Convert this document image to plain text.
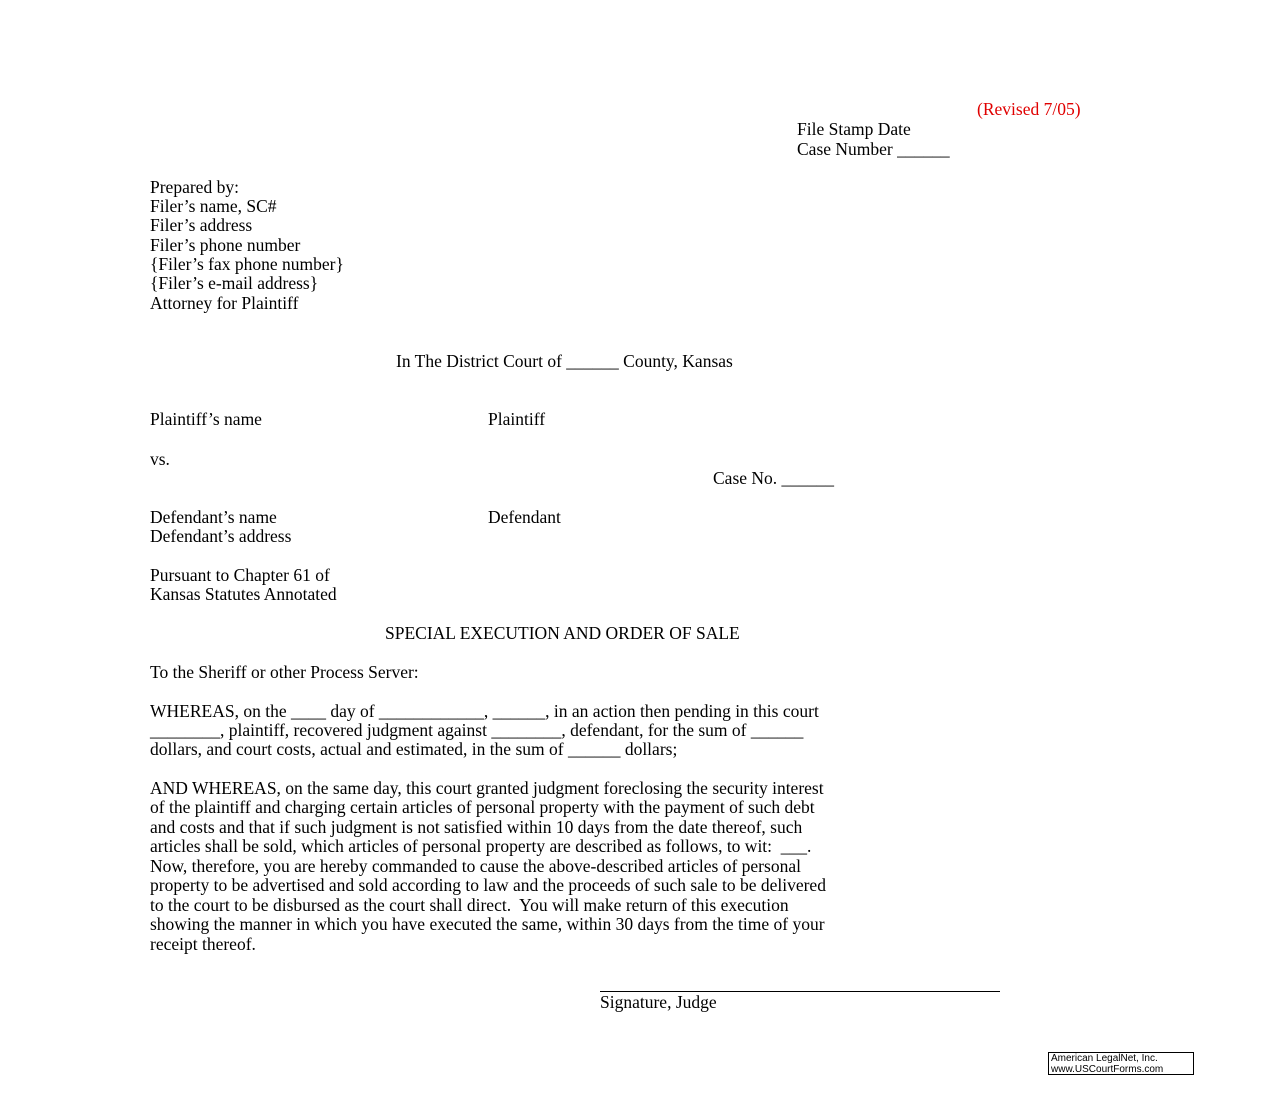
(Revised 7/05)
File Stamp Date
Case Number ______
Prepared by:
Filer’s name, SC#
Filer’s address
Filer’s phone number
{Filer’s fax phone number}
{Filer’s e-mail address}
Attorney for Plaintiff
In The District Court of ______ County, Kansas
Plaintiff’s name	Plaintiff
vs.
Case No. ______
Defendant’s name	Defendant
Defendant’s address
Pursuant to Chapter 61 of
Kansas Statutes Annotated
SPECIAL EXECUTION AND ORDER OF SALE
To the Sheriff or other Process Server:
WHEREAS, on the ____ day of ____________, ______, in an action then pending in this court
________, plaintiff, recovered judgment against ________, defendant, for the sum of ______
dollars, and court costs, actual and estimated, in the sum of ______ dollars;
AND WHEREAS, on the same day, this court granted judgment foreclosing the security interest
of the plaintiff and charging certain articles of personal property with the payment of such debt
and costs and that if such judgment is not satisfied within 10 days from the date thereof, such
articles shall be sold, which articles of personal property are described as follows, to wit:  ___.
Now, therefore, you are hereby commanded to cause the above-described articles of personal
property to be advertised and sold according to law and the proceeds of such sale to be delivered
to the court to be disbursed as the court shall direct.  You will make return of this execution
showing the manner in which you have executed the same, within 30 days from the time of your
receipt thereof.
Signature, Judge
American LegalNet, Inc.
www.USCourtForms.com
